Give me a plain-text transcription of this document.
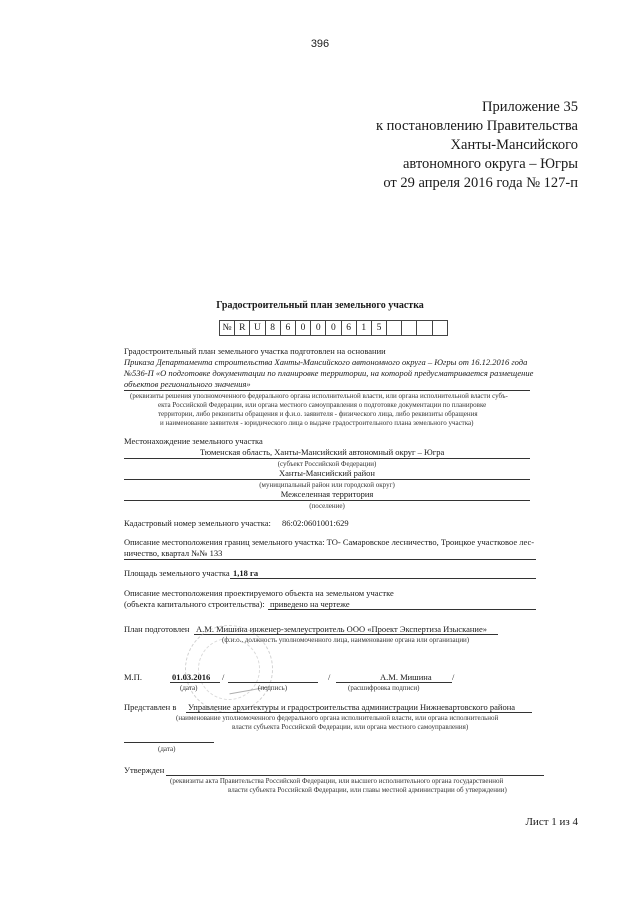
396
Приложение 35
к постановлению Правительства
Ханты-Мансийского
автономного округа – Югры
от 29 апреля 2016 года № 127-п
Градостроительный план земельного участка
№ R U 8	6	0	0	0	6	1	5
Градостроительный план земельного участка подготовлен на основании
Приказа Департамента строительства Ханты-Мансийского автономного округа – Югры от 16.12.2016 года
№536-П «О подготовке документации по планировке территории, на которой предусматривается размещение
объектов регионального значения»
(реквизиты решения уполномоченного федерального органа исполнительной власти, или органа исполнительной власти субъ-
екта Российской Федерации, или органа местного самоуправления о подготовке документации по планировке
территории, либо реквизиты обращения и ф.и.о. заявителя - физического лица, либо реквизиты обращения
и наименование заявителя - юридического лица о выдаче градостроительного плана земельного участка)
Местонахождение земельного участка
Тюменская область, Ханты-Мансийский автономный округ – Югра
(субъект Российской Федерации)
Ханты-Мансийский район
(муниципальный район или городской округ)
Межселенная территория
(поселение)
Кадастровый номер земельного участка: 86:02:0601001:629
Описание местоположения границ земельного участка: ТО- Самаровское лесничество, Троицкое участковое лес-
ничество, квартал №№ 133
Площадь земельного участка 1,18 га
Описание местоположения проектируемого объекта на земельном участке
(объекта капитального строительства): приведено на чертеже
План подготовлен А.М. Мишина инженер-землеустроитель ООО «Проект Экспертиза Изыскание»
(ф.и.о., должность уполномоченного лица, наименование органа или организации)
М.П.	01.03.2016 /	/	А.М. Мишина /
(дата)	(подпись)	(расшифровка подписи)
Представлен в Управление архитектуры и градостроительства администрации Нижневартовского района
(наименование уполномоченного федерального органа исполнительной власти, или органа исполнительной
власти субъекта Российской Федерации, или органа местного самоуправления)
(дата)
Утвержден
(реквизиты акта Правительства Российской Федерации, или высшего исполнительного органа государственной
власти субъекта Российской Федерации, или главы местной администрации об утверждении)
Лист 1 из 4
